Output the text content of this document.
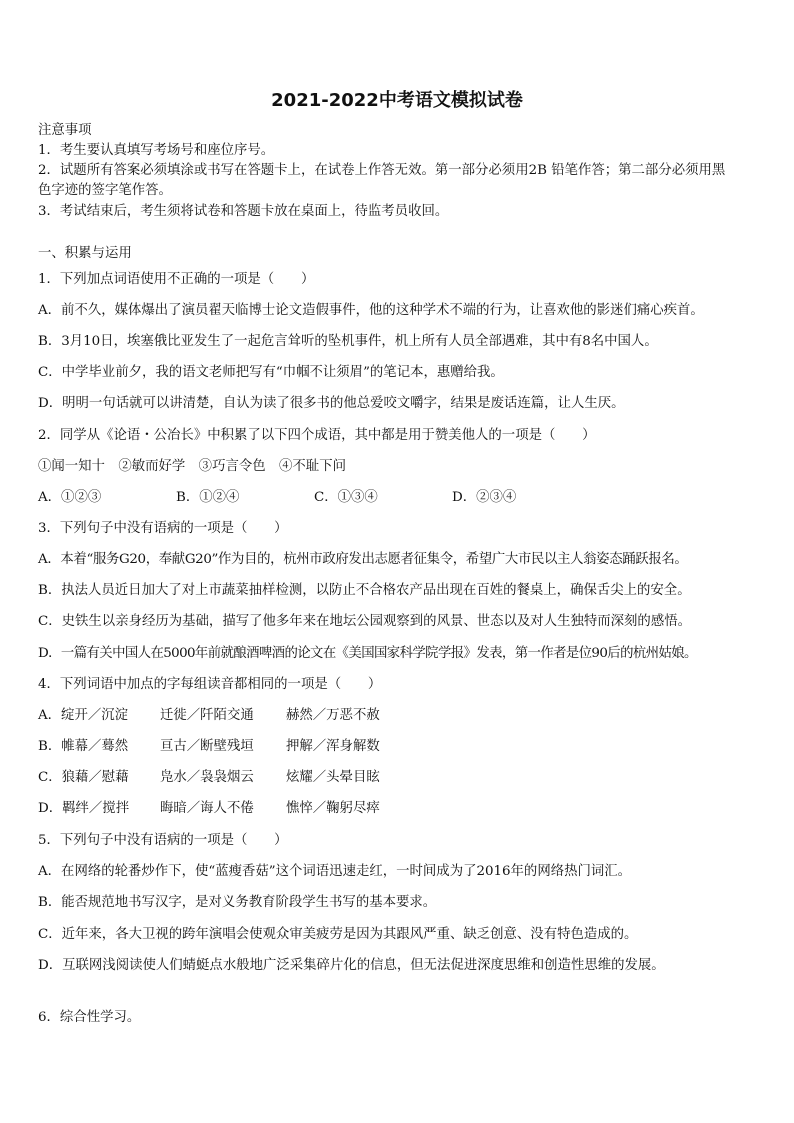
2021-2022中考语文模拟试卷
注意事项
1．考生要认真填写考场号和座位序号。
2．试题所有答案必须填涂或书写在答题卡上，在试卷上作答无效。第一部分必须用2B 铅笔作答；第二部分必须用黑
色字迹的签字笔作答。
3．考试结束后，考生须将试卷和答题卡放在桌面上，待监考员收回。
一、积累与运用
1．下列加点词语使用不正确的一项是（　　）
A．前不久，媒体爆出了演员翟天临博士论文造假事件，他的这种学术不端的行为，让喜欢他的影迷们痛心疾首。
B．3月10日，埃塞俄比亚发生了一起危言耸听的坠机事件，机上所有人员全部遇难，其中有8名中国人。
C．中学毕业前夕，我的语文老师把写有“巾帼不让须眉”的笔记本，惠赠给我。
D．明明一句话就可以讲清楚，自认为读了很多书的他总爱咬文嚼字，结果是废话连篇，让人生厌。
2．同学从《论语・公冶长》中积累了以下四个成语，其中都是用于赞美他人的一项是（　　）
①闻一知十　②敏而好学　③巧言令色　④不耻下问
A．①②③	B．①②④	C．①③④	D．②③④
3．下列句子中没有语病的一项是（　　）
A．本着“服务G20，奉献G20”作为目的，杭州市政府发出志愿者征集令，希望广大市民以主人翁姿态踊跃报名。
B．执法人员近日加大了对上市蔬菜抽样检测，以防止不合格农产品出现在百姓的餐桌上，确保舌尖上的安全。
C．史铁生以亲身经历为基础，描写了他多年来在地坛公园观察到的风景、世态以及对人生独特而深刻的感悟。
D．一篇有关中国人在5000年前就酿酒啤酒的论文在《美国国家科学院学报》发表，第一作者是位90后的杭州姑娘。
4．下列词语中加点的字每组读音都相同的一项是（　　）
A．绽开／沉淀 迁徙／阡陌交通 赫然／万恶不赦
B．帷幕／蓦然 亘古／断壁残垣 押解／浑身解数
C．狼藉／慰藉 凫水／袅袅烟云 炫耀／头晕目眩
D．羁绊／搅拌 晦暗／诲人不倦 憔悴／鞠躬尽瘁
5．下列句子中没有语病的一项是（　　）
A．在网络的轮番炒作下，使“蓝瘦香菇”这个词语迅速走红，一时间成为了2016年的网络热门词汇。
B．能否规范地书写汉字，是对义务教育阶段学生书写的基本要求。
C．近年来，各大卫视的跨年演唱会使观众审美疲劳是因为其跟风严重、缺乏创意、没有特色造成的。
D．互联网浅阅读使人们蜻蜓点水般地广泛采集碎片化的信息，但无法促进深度思维和创造性思维的发展。
6．综合性学习。
